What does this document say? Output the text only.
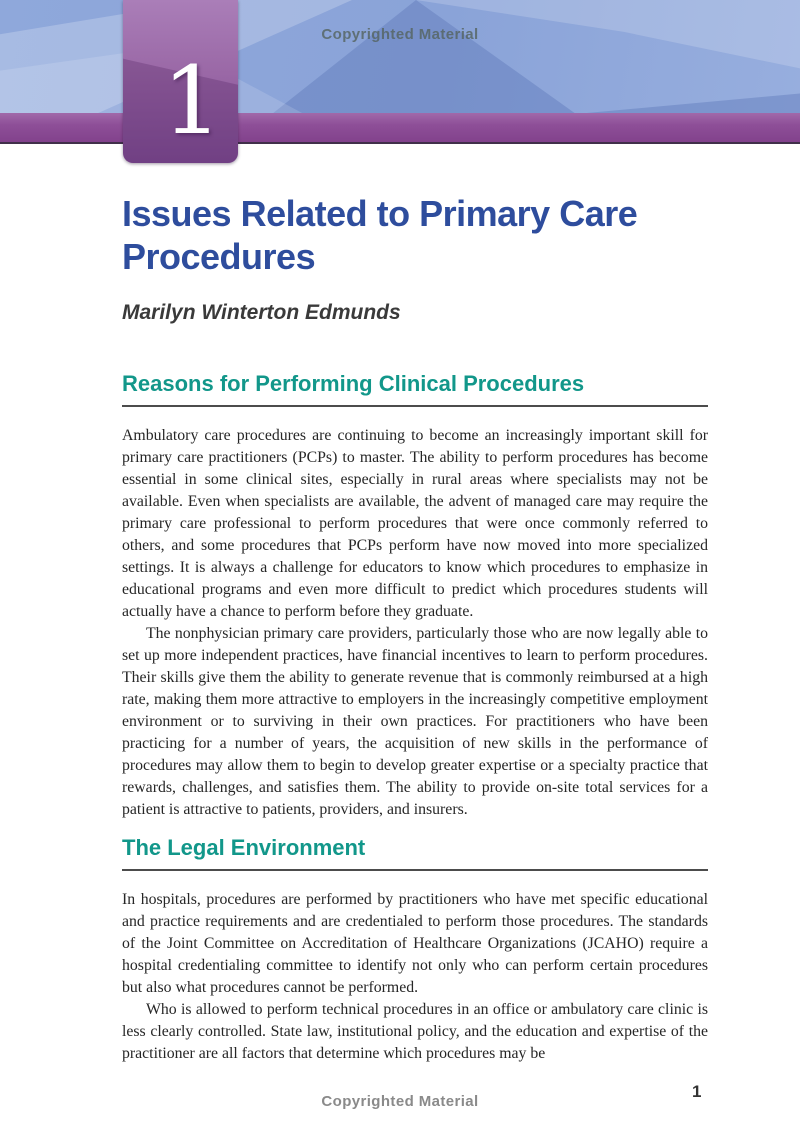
Copyrighted Material
1
Issues Related to Primary Care Procedures
Marilyn Winterton Edmunds
Reasons for Performing Clinical Procedures

Ambulatory care procedures are continuing to become an increasingly important skill for primary care practitioners (PCPs) to master. The ability to perform procedures has become essential in some clinical sites, especially in rural areas where specialists may not be available. Even when specialists are available, the advent of managed care may require the primary care professional to perform procedures that were once commonly referred to others, and some procedures that PCPs perform have now moved into more specialized settings. It is always a challenge for educators to know which procedures to emphasize in educational programs and even more difficult to predict which procedures students will actually have a chance to perform before they graduate.

The nonphysician primary care providers, particularly those who are now legally able to set up more independent practices, have financial incentives to learn to perform procedures. Their skills give them the ability to generate revenue that is commonly reimbursed at a high rate, making them more attractive to employers in the increasingly competitive employment environment or to surviving in their own practices. For practitioners who have been practicing for a number of years, the acquisition of new skills in the performance of procedures may allow them to begin to develop greater expertise or a specialty practice that rewards, challenges, and satisfies them. The ability to provide on-site total services for a patient is attractive to patients, providers, and insurers.

The Legal Environment

In hospitals, procedures are performed by practitioners who have met specific educational and practice requirements and are credentialed to perform those procedures. The standards of the Joint Committee on Accreditation of Healthcare Organizations (JCAHO) require a hospital credentialing committee to identify not only who can perform certain procedures but also what procedures cannot be performed.

Who is allowed to perform technical procedures in an office or ambulatory care clinic is less clearly controlled. State law, institutional policy, and the education and expertise of the practitioner are all factors that determine which procedures may be

Copyrighted Material
1
